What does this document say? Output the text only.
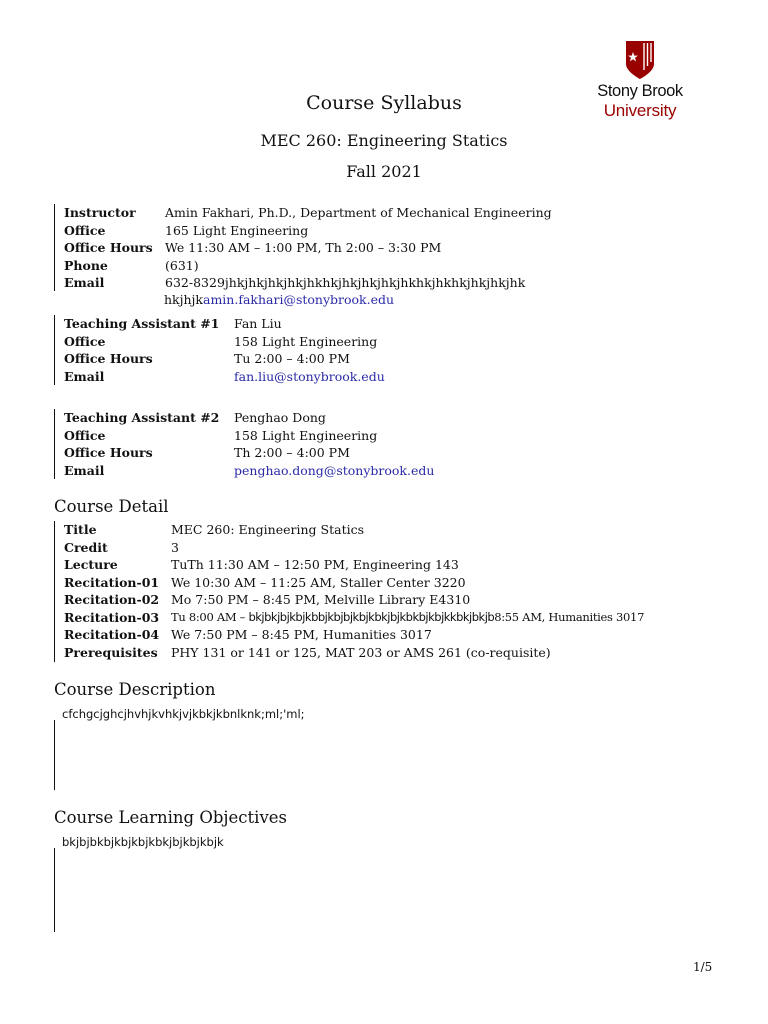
Stony Brook
University
Course Syllabus
MEC 260: Engineering Statics
Fall 2021
Instructor Amin Fakhari, Ph.D., Department of Mechanical Engineering
Office	165 Light Engineering
Office Hours We 11:30 AM – 1:00 PM, Th 2:00 – 3:30 PM
Phone	(631)
Email	632-8329jhkjhkjhkjhkjhkhkjhkjhkjhkjhkhkjhkhkjhkjhkjhk
hkjhjk amin.fakhari@stonybrook.edu
Teaching Assistant #1 Fan Liu
Office	158 Light Engineering
Office Hours	Tu 2:00 – 4:00 PM
Email	fan.liu@stonybrook.edu
Teaching Assistant #2 Penghao Dong
Office	158 Light Engineering
Office Hours	Th 2:00 – 4:00 PM
Email	penghao.dong@stonybrook.edu
Course Detail
Title	MEC 260: Engineering Statics
Credit	3
Lecture	TuTh 11:30 AM – 12:50 PM, Engineering 143
Recitation-01 We 10:30 AM – 11:25 AM, Staller Center 3220
Recitation-02 Mo 7:50 PM – 8:45 PM, Melville Library E4310
Recitation-03 Tu 8:00 AM – bkjbkjbjkbjkbbjkbjbjkbjkbkjbjkbkbjkbjkkbkjbkjb8:55 AM, Humanities 3017
Recitation-04 We 7:50 PM – 8:45 PM, Humanities 3017
Prerequisites PHY 131 or 141 or 125, MAT 203 or AMS 261 (co-requisite)
Course Description
cfchgcjghcjhvhjkvhkjvjkbkjkbnlknk;ml;'ml;
Course Learning Objectives
bkjbjbkbjkbjkbjkbkjbjkbjkbjk
1/5
